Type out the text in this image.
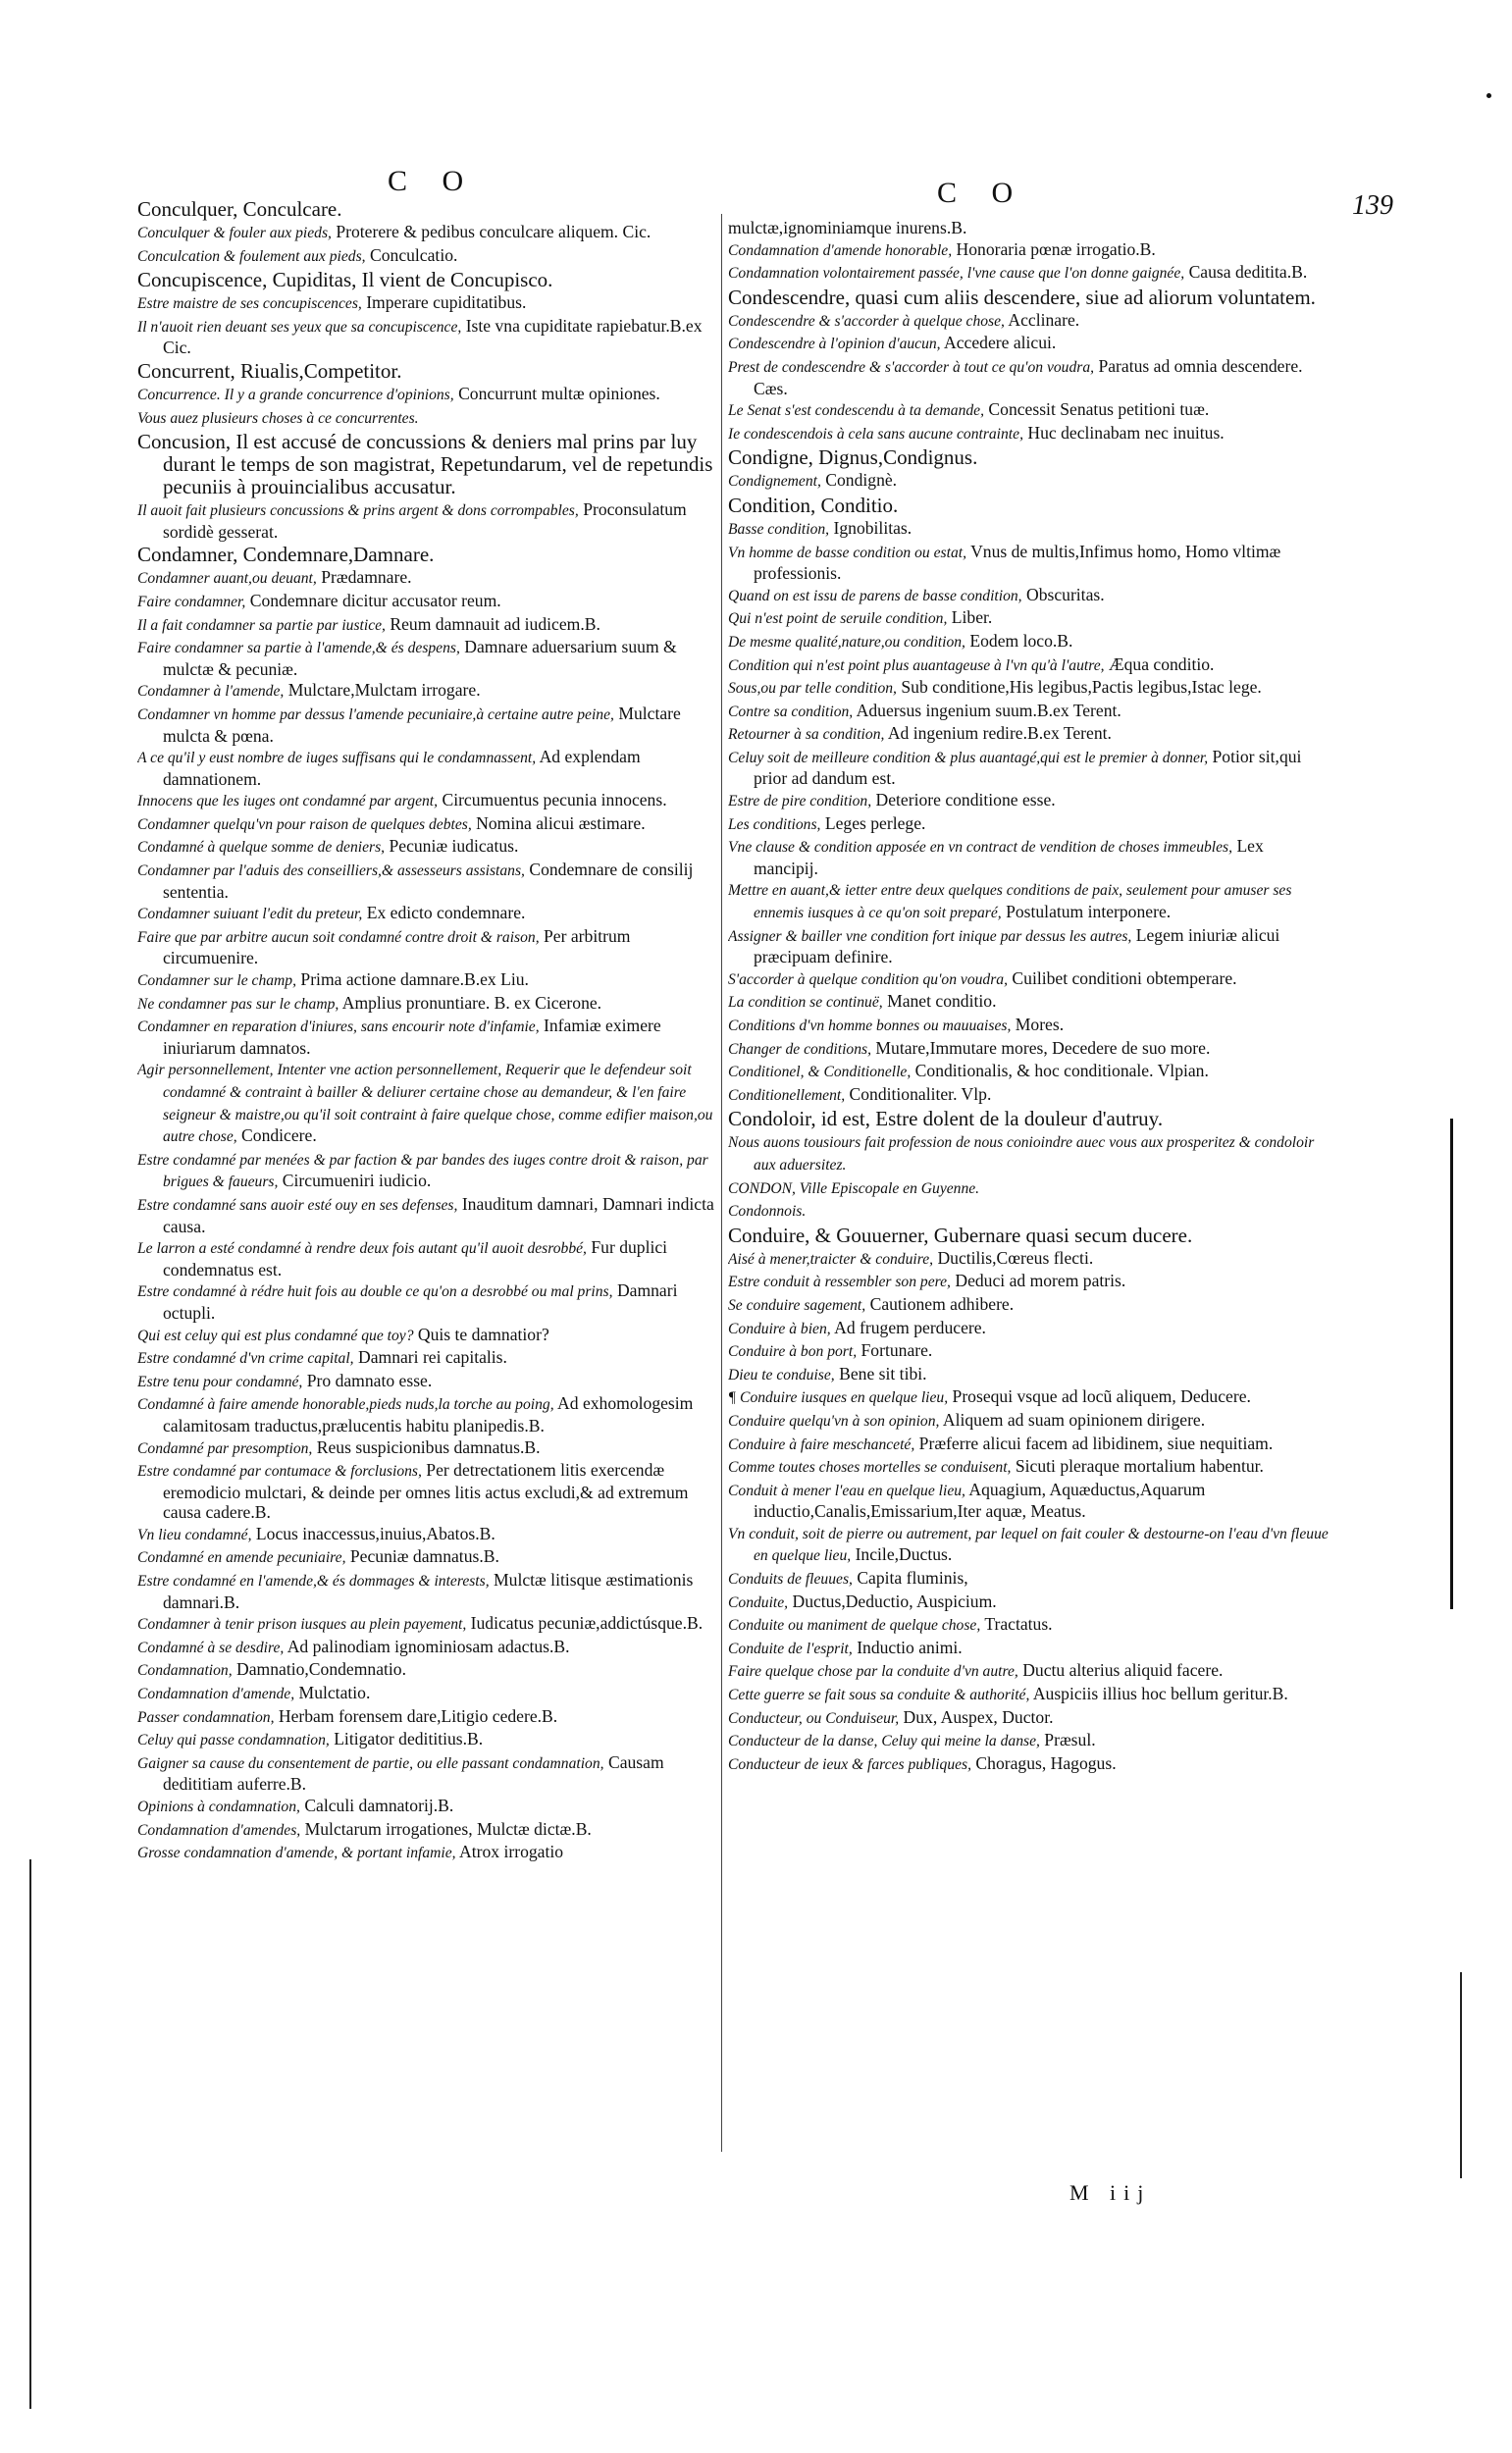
C O	C O	139
Conculquer, Conculcare.
Conculquer & fouler aux pieds, Proterere & pedibus conculcare aliquem. Cic.
Conculcation & foulement aux pieds, Conculcatio.
Concupiscence, Cupiditas, Il vient de Concupisco.
Estre maistre de ses concupiscences, Imperare cupiditatibus.
Il n'auoit rien deuant ses yeux que sa concupiscence, Iste vna cupiditate rapiebatur.B.ex Cic.
Concurrent, Riualis,Competitor.
Concurrence. Il y a grande concurrence d'opinions, Concurrunt multæ opiniones.
Vous auez plusieurs choses à ce concurrentes.
Concusion, Il est accusé de concussions & deniers mal prins par luy durant le temps de son magistrat, Repetundarum, vel de repetundis pecuniis à prouincialibus accusatur.
Il auoit fait plusieurs concussions & prins argent & dons corrompables, Proconsulatum sordidè gesserat.
Condamner, Condemnare,Damnare.
Condamner auant,ou deuant, Prædamnare.
Faire condamner, Condemnare dicitur accusator reum.
Il a fait condamner sa partie par iustice, Reum damnauit ad iudicem.B.
Faire condamner sa partie à l'amende,& és despens, Damnare aduersarium suum & mulctæ & pecuniæ.
Condamner à l'amende, Mulctare,Mulctam irrogare.
Condamner vn homme par dessus l'amende pecuniaire,à certaine autre peine, Mulctare mulcta & pœna.
A ce qu'il y eust nombre de iuges suffisans qui le condamnassent, Ad explendam damnationem.
Innocens que les iuges ont condamné par argent, Circumuentus pecunia innocens.
Condamner quelqu'vn pour raison de quelques debtes, Nomina alicui æstimare.
Condamné à quelque somme de deniers, Pecuniæ iudicatus.
Condamner par l'aduis des conseilliers,& assesseurs assistans, Condemnare de consilij sententia.
Condamner suiuant l'edit du preteur, Ex edicto condemnare.
Faire que par arbitre aucun soit condamné contre droit & raison, Per arbitrum circumuenire.
Condamner sur le champ, Prima actione damnare.B.ex Liu.
Ne condamner pas sur le champ, Amplius pronuntiare. B. ex Cicerone.
Condamner en reparation d'iniures, sans encourir note d'infamie, Infamiæ eximere iniuriarum damnatos.
Agir personnellement, Intenter vne action personnellement, Requerir que le defendeur soit condamné & contraint à bailler & deliurer certaine chose au demandeur, & l'en faire seigneur & maistre,ou qu'il soit contraint à faire quelque chose, comme edifier maison,ou autre chose, Condicere.
Estre condamné par menées & par faction & par bandes des iuges contre droit & raison, par brigues & faueurs, Circumueniri iudicio.
Estre condamné sans auoir esté ouy en ses defenses, Inauditum damnari, Damnari indicta causa.
Le larron a esté condamné à rendre deux fois autant qu'il auoit desrobbé, Fur duplici condemnatus est.
Estre condamné à rédre huit fois au double ce qu'on a desrobbé ou mal prins, Damnari octupli.
Qui est celuy qui est plus condamné que toy? Quis te damnatior?
Estre condamné d'vn crime capital, Damnari rei capitalis.
Estre tenu pour condamné, Pro damnato esse.
Condamné à faire amende honorable,pieds nuds,la torche au poing, Ad exhomologesim calamitosam traductus,prælucentis habitu planipedis.B.
Condamné par presomption, Reus suspicionibus damnatus.B.
Estre condamné par contumace & forclusions, Per detrectationem litis exercendæ eremodicio mulctari, & deinde per omnes litis actus excludi,& ad extremum causa cadere.B.
Vn lieu condamné, Locus inaccessus,inuius,Abatos.B.
Condamné en amende pecuniaire, Pecuniæ damnatus.B.
Estre condamné en l'amende,& és dommages & interests, Mulctæ litisque æstimationis damnari.B.
Condamner à tenir prison iusques au plein payement, Iudicatus pecuniæ,addictúsque.B.
Condamné à se desdire, Ad palinodiam ignominiosam adactus.B.
Condamnation, Damnatio,Condemnatio.
Condamnation d'amende, Mulctatio.
Passer condamnation, Herbam forensem dare,Litigio cedere.B.
Celuy qui passe condamnation, Litigator dedititius.B.
Gaigner sa cause du consentement de partie, ou elle passant condamnation, Causam dedititiam auferre.B.
Opinions à condamnation, Calculi damnatorij.B.
Condamnation d'amendes, Mulctarum irrogationes, Mulctæ dictæ.B.
Grosse condamnation d'amende, & portant infamie, Atrox irrogatio
mulctæ,ignominiamque inurens.B.
Condamnation d'amende honorable, Honoraria pœnæ irrogatio.B.
Condamnation volontairement passée, l'vne cause que l'on donne gaignée, Causa deditita.B.
Condescendre, quasi cum aliis descendere, siue ad aliorum voluntatem.
Condescendre & s'accorder à quelque chose, Acclinare.
Condescendre à l'opinion d'aucun, Accedere alicui.
Prest de condescendre & s'accorder à tout ce qu'on voudra, Paratus ad omnia descendere. Cæs.
Le Senat s'est condescendu à ta demande, Concessit Senatus petitioni tuæ.
Ie condescendois à cela sans aucune contrainte, Huc declinabam nec inuitus.
Condigne, Dignus,Condignus.
Condignement, Condignè.
Condition, Conditio.
Basse condition, Ignobilitas.
Vn homme de basse condition ou estat, Vnus de multis,Infimus homo, Homo vltimæ professionis.
Quand on est issu de parens de basse condition, Obscuritas.
Qui n'est point de seruile condition, Liber.
De mesme qualité,nature,ou condition, Eodem loco.B.
Condition qui n'est point plus auantageuse à l'vn qu'à l'autre, Æqua conditio.
Sous,ou par telle condition, Sub conditione,His legibus,Pactis legibus,Istac lege.
Contre sa condition, Aduersus ingenium suum.B.ex Terent.
Retourner à sa condition, Ad ingenium redire.B.ex Terent.
Celuy soit de meilleure condition & plus auantagé,qui est le premier à donner, Potior sit,qui prior ad dandum est.
Estre de pire condition, Deteriore conditione esse.
Les conditions, Leges perlege.
Vne clause & condition apposée en vn contract de vendition de choses immeubles, Lex mancipij.
Mettre en auant,& ietter entre deux quelques conditions de paix, seulement pour amuser ses ennemis iusques à ce qu'on soit preparé, Postulatum interponere.
Assigner & bailler vne condition fort inique par dessus les autres, Legem iniuriæ alicui præcipuam definire.
S'accorder à quelque condition qu'on voudra, Cuilibet conditioni obtemperare.
La condition se continuë, Manet conditio.
Conditions d'vn homme bonnes ou mauuaises, Mores.
Changer de conditions, Mutare,Immutare mores, Decedere de suo more.
Conditionel, & Conditionelle, Conditionalis, & hoc conditionale. Vlpian.
Conditionellement, Conditionaliter. Vlp.
Condoloir, id est, Estre dolent de la douleur d'autruy.
Nous auons tousiours fait profession de nous conioindre auec vous aux prosperitez & condoloir aux aduersitez.
CONDON, Ville Episcopale en Guyenne.
Condonnois.
Conduire, & Gouuerner, Gubernare quasi secum ducere.
Aisé à mener,traicter & conduire, Ductilis,Cœreus flecti.
Estre conduit à ressembler son pere, Deduci ad morem patris.
Se conduire sagement, Cautionem adhibere.
Conduire à bien, Ad frugem perducere.
Conduire à bon port, Fortunare.
Dieu te conduise, Bene sit tibi.
¶ Conduire iusques en quelque lieu, Prosequi vsque ad locũ aliquem, Deducere.
Conduire quelqu'vn à son opinion, Aliquem ad suam opinionem dirigere.
Conduire à faire meschanceté, Præferre alicui facem ad libidinem, siue nequitiam.
Comme toutes choses mortelles se conduisent, Sicuti pleraque mortalium habentur.
Conduit à mener l'eau en quelque lieu, Aquagium, Aquæductus,Aquarum inductio,Canalis,Emissarium,Iter aquæ, Meatus.
Vn conduit, soit de pierre ou autrement, par lequel on fait couler & destourne-on l'eau d'vn fleuue en quelque lieu, Incile,Ductus.
Conduits de fleuues, Capita fluminis,
Conduite, Ductus,Deductio, Auspicium.
Conduite ou maniment de quelque chose, Tractatus.
Conduite de l'esprit, Inductio animi.
Faire quelque chose par la conduite d'vn autre, Ductu alterius aliquid facere.
Cette guerre se fait sous sa conduite & authorité, Auspiciis illius hoc bellum geritur.B.
Conducteur, ou Conduiseur, Dux, Auspex, Ductor.
Conducteur de la danse, Celuy qui meine la danse, Præsul.
Conducteur de ieux & farces publiques, Choragus, Hagogus.
M iij
